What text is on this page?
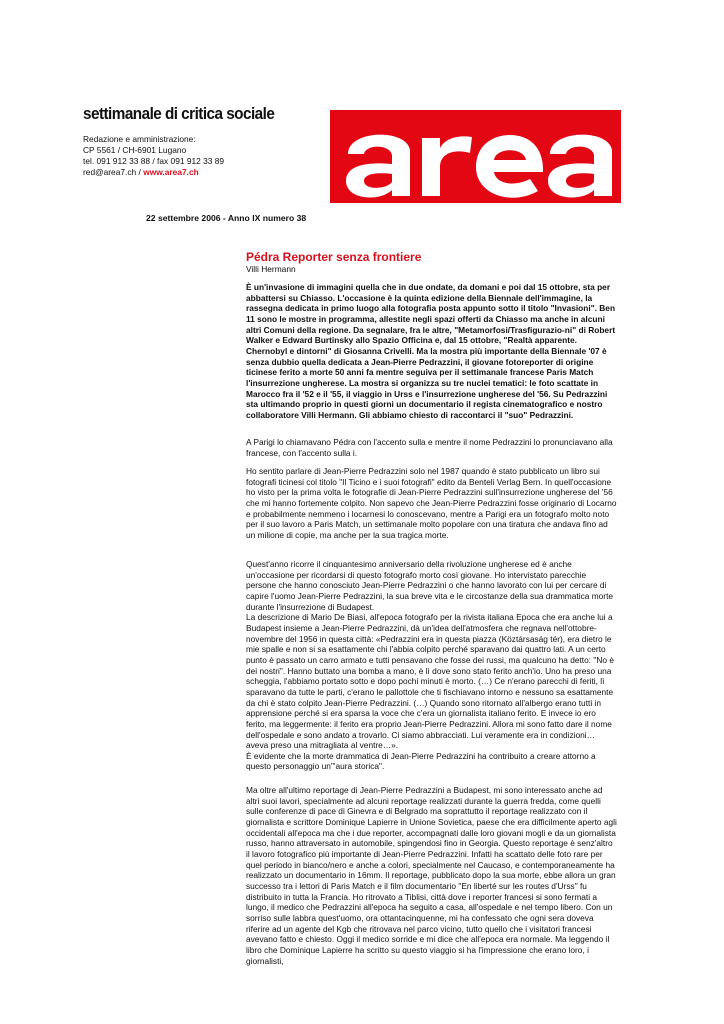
settimanale di critica sociale
Redazione e amministrazione:
CP 5561 / CH-6901 Lugano
tel. 091 912 33 88 / fax 091 912 33 89
red@area7.ch / www.area7.ch
22 settembre 2006 - Anno IX numero 38
Pédra Reporter senza frontiere
Villi Hermann

È un'invasione di immagini quella che in due ondate, da domani e poi dal 15 ottobre, sta per abbattersi su Chiasso. L'occasione è la quinta edizione della Biennale dell'immagine, la rassegna dedicata in primo luogo alla fotografia posta appunto sotto il titolo "Invasioni". Ben 11 sono le mostre in programma, allestite negli spazi offerti da Chiasso ma anche in alcuni altri Comuni della regione. Da segnalare, fra le altre, "Metamorfosi/Trasfigurazio-ni" di Robert Walker e Edward Burtinsky allo Spazio Officina e, dal 15 ottobre, "Realtà apparente. Chernobyl e dintorni" di Giosanna Crivelli. Ma la mostra più importante della Biennale '07 è senza dubbio quella dedicata a Jean-Pierre Pedrazzini, il giovane fotoreporter di origine ticinese ferito a morte 50 anni fa mentre seguiva per il settimanale francese Paris Match l'insurrezione ungherese. La mostra si organizza su tre nuclei tematici: le foto scattate in Marocco fra il '52 e il '55, il viaggio in Urss e l'insurrezione ungherese del '56. Su Pedrazzini sta ultimando proprio in questi giorni un documentario il regista cinematografico e nostro collaboratore Villi Hermann. Gli abbiamo chiesto di raccontarci il "suo" Pedrazzini.

A Parigi lo chiamavano Pédra con l'accento sulla e mentre il nome Pedrazzini lo pronunciavano alla francese, con l'accento sulla i.

Ho sentito parlare di Jean-Pierre Pedrazzini solo nel 1987 quando è stato pubblicato un libro sui fotografi ticinesi col titolo "Il Ticino e i suoi fotografi" edito da Benteli Verlag Bern. In quell'occasione ho visto per la prima volta le fotografie di Jean-Pierre Pedrazzini sull'insurrezione ungherese del '56 che mi hanno fortemente colpito. Non sapevo che Jean-Pierre Pedrazzini fosse originario di Locarno e probabilmente nemmeno i locarnesi lo conoscevano, mentre a Parigi era un fotografo molto noto per il suo lavoro a Paris Match, un settimanale molto popolare con una tiratura che andava fino ad un milione di copie, ma anche per la sua tragica morte.

Quest'anno ricorre il cinquantesimo anniversario della rivoluzione ungherese ed è anche un'occasione per ricordarsi di questo fotografo morto così giovane. Ho intervistato parecchie persone che hanno conosciuto Jean-Pierre Pedrazzini o che hanno lavorato con lui per cercare di capire l'uomo Jean-Pierre Pedrazzini, la sua breve vita e le circostanze della sua drammatica morte durante l'insurrezione di Budapest.

La descrizione di Mario De Biasi, all'epoca fotografo per la rivista italiana Epoca che era anche lui a Budapest insieme a Jean-Pierre Pedrazzini, dà un'idea dell'atmosfera che regnava nell'ottobre-novembre del 1956 in questa città: «Pedrazzini era in questa piazza (Köztársaság tér), era dietro le mie spalle e non si sa esattamente chi l'abbia colpito perché sparavano dai quattro lati. A un certo punto è passato un carro armato e tutti pensavano che fosse dei russi, ma qualcuno ha detto: "No è dei nostri". Hanno buttato una bomba a mano, è lì dove sono stato ferito anch'io. Uno ha preso una scheggia, l'abbiamo portato sotto e dopo pochi minuti è morto. (…) Ce n'erano parecchi di feriti, lì sparavano da tutte le parti, c'erano le pallottole che ti fischiavano intorno e nessuno sa esattamente da chi è stato colpito Jean-Pierre Pedrazzini. (…) Quando sono ritornato all'albergo erano tutti in apprensione perché si era sparsa la voce che c'era un giornalista italiano ferito. E invece io ero ferito, ma leggermente: il ferito era proprio Jean-Pierre Pedrazzini. Allora mi sono fatto dare il nome dell'ospedale e sono andato a trovarlo. Ci siamo abbracciati. Lui veramente era in condizioni… aveva preso una mitragliata al ventre…».

È evidente che la morte drammatica di Jean-Pierre Pedrazzini ha contribuito a creare attorno a questo personaggio un'"aura storica".

Ma oltre all'ultimo reportage di Jean-Pierre Pedrazzini a Budapest, mi sono interessato anche ad altri suoi lavori, specialmente ad alcuni reportage realizzati durante la guerra fredda, come quelli sulle conferenze di pace di Ginevra e di Belgrado ma soprattutto il reportage realizzato con il giornalista e scrittore Dominique Lapierre in Unione Sovietica, paese che era difficilmente aperto agli occidentali all'epoca ma che i due reporter, accompagnati dalle loro giovani mogli e da un giornalista russo, hanno attraversato in automobile, spingendosi fino in Georgia. Questo reportage è senz'altro il lavoro fotografico più importante di Jean-Pierre Pedrazzini. Infatti ha scattato delle foto rare per quel periodo in bianco/nero e anche a colori, specialmente nel Caucaso, e contemporaneamente ha realizzato un documentario in 16mm. Il reportage, pubblicato dopo la sua morte, ebbe allora un gran successo tra i lettori di Paris Match e il film documentario "En liberté sur les routes d'Urss" fu distribuito in tutta la Francia. Ho ritrovato a Tiblisi, città dove i reporter francesi si sono fermati a lungo, il medico che Pedrazzini all'epoca ha seguito a casa, all'ospedale e nel tempo libero. Con un sorriso sulle labbra quest'uomo, ora ottantacinquenne, mi ha confessato che ogni sera doveva riferire ad un agente del Kgb che ritrovava nel parco vicino, tutto quello che i visitatori francesi avevano fatto e chiesto. Oggi il medico sorride e mi dice che all'epoca era normale. Ma leggendo il libro che Dominique Lapierre ha scritto su questo viaggio si ha l'impressione che erano loro, i giornalisti,
